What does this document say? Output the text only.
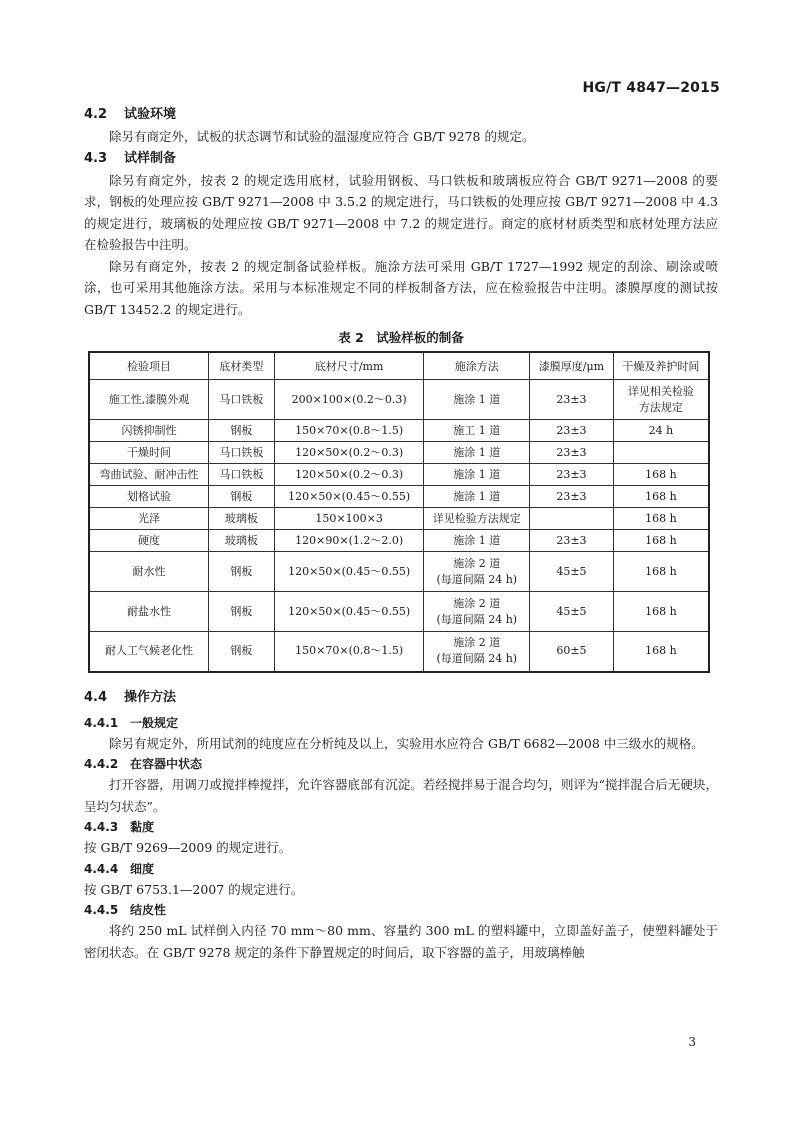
HG/T 4847—2015
4.2 试验环境

除另有商定外，试板的状态调节和试验的温湿度应符合 GB/T 9278 的规定。

4.3 试样制备

除另有商定外，按表 2 的规定选用底材，试验用钢板、马口铁板和玻璃板应符合 GB/T 9271—2008 的要求，钢板的处理应按 GB/T 9271—2008 中 3.5.2 的规定进行，马口铁板的处理应按 GB/T 9271—2008 中 4.3 的规定进行，玻璃板的处理应按 GB/T 9271—2008 中 7.2 的规定进行。商定的底材材质类型和底材处理方法应在检验报告中注明。

除另有商定外，按表 2 的规定制备试验样板。施涂方法可采用 GB/T 1727—1992 规定的刮涂、刷涂或喷涂，也可采用其他施涂方法。采用与本标准规定不同的样板制备方法，应在检验报告中注明。漆膜厚度的测试按 GB/T 13452.2 的规定进行。

表 2　试验样板的制备
检验项目	底材类型	底材尺寸/mm	施涂方法	漆膜厚度/μm	干燥及养护时间
施工性,漆膜外观	马口铁板	200×100×(0.2～0.3)	施涂 1 道	23±3	详见相关检验
方法规定
闪锈抑制性	钢板	150×70×(0.8～1.5)	施工 1 道	23±3	24 h
干燥时间	马口铁板	120×50×(0.2～0.3)	施涂 1 道	23±3	
弯曲试验、耐冲击性	马口铁板	120×50×(0.2～0.3)	施涂 1 道	23±3	168 h
划格试验	钢板	120×50×(0.45～0.55)	施涂 1 道	23±3	168 h
光泽	玻璃板	150×100×3	详见检验方法规定		168 h
硬度	玻璃板	120×90×(1.2～2.0)	施涂 1 道	23±3	168 h
耐水性	钢板	120×50×(0.45～0.55)	施涂 2 道
(每道间隔 24 h)	45±5	168 h
耐盐水性	钢板	120×50×(0.45～0.55)	施涂 2 道
(每道间隔 24 h)	45±5	168 h
耐人工气候老化性	钢板	150×70×(0.8～1.5)	施涂 2 道
(每道间隔 24 h)	60±5	168 h
4.4 操作方法
4.4.1 一般规定

除另有规定外，所用试剂的纯度应在分析纯及以上，实验用水应符合 GB/T 6682—2008 中三级水的规格。

4.4.2 在容器中状态

打开容器，用调刀或搅拌棒搅拌，允许容器底部有沉淀。若经搅拌易于混合均匀，则评为“搅拌混合后无硬块，呈均匀状态”。

4.4.3 黏度

按 GB/T 9269—2009 的规定进行。

4.4.4 细度

按 GB/T 6753.1—2007 的规定进行。

4.4.5 结皮性

将约 250 mL 试样倒入内径 70 mm～80 mm、容量约 300 mL 的塑料罐中，立即盖好盖子，使塑料罐处于密闭状态。在 GB/T 9278 规定的条件下静置规定的时间后，取下容器的盖子，用玻璃棒触

3
